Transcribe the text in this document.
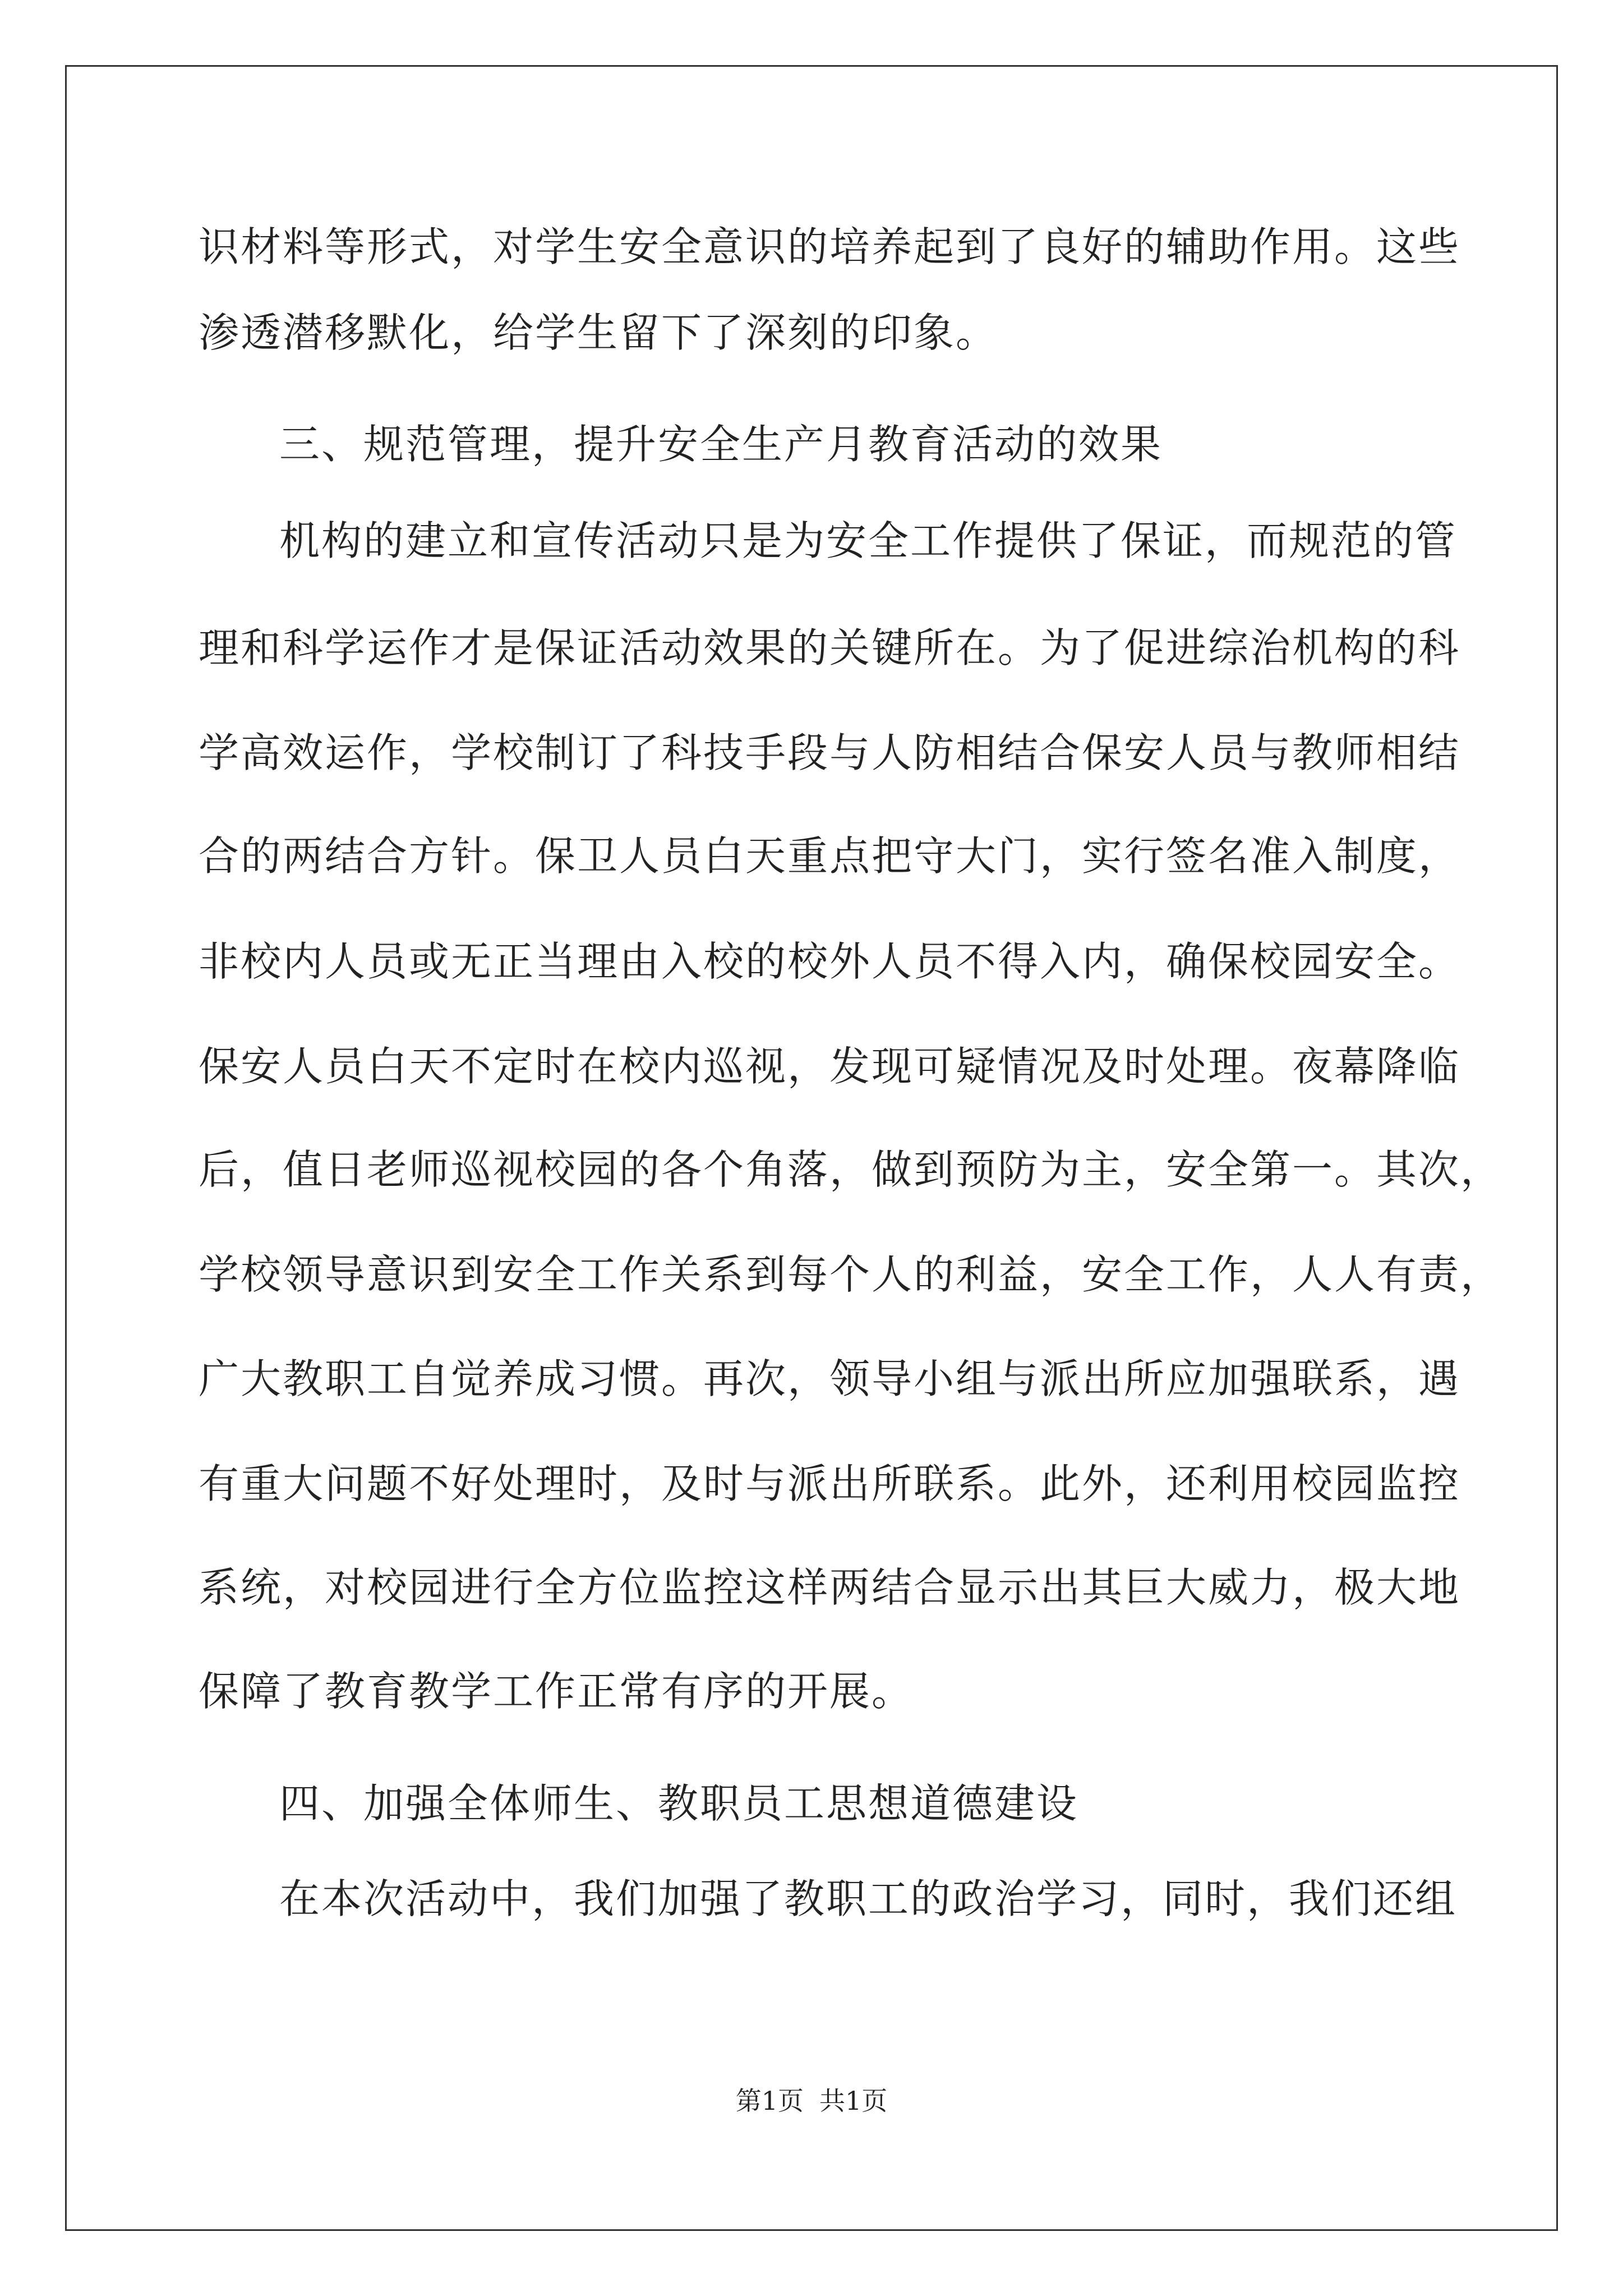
识材料等形式，对学生安全意识的培养起到了良好的辅助作用。这些
渗透潜移默化，给学生留下了深刻的印象。
三、规范管理，提升安全生产月教育活动的效果
机构的建立和宣传活动只是为安全工作提供了保证，而规范的管
理和科学运作才是保证活动效果的关键所在。为了促进综治机构的科
学高效运作，学校制订了科技手段与人防相结合保安人员与教师相结
合的两结合方针。保卫人员白天重点把守大门，实行签名准入制度，
非校内人员或无正当理由入校的校外人员不得入内，确保校园安全。
保安人员白天不定时在校内巡视，发现可疑情况及时处理。夜幕降临
后，值日老师巡视校园的各个角落，做到预防为主，安全第一。其次，
学校领导意识到安全工作关系到每个人的利益，安全工作，人人有责，
广大教职工自觉养成习惯。再次，领导小组与派出所应加强联系，遇
有重大问题不好处理时，及时与派出所联系。此外，还利用校园监控
系统，对校园进行全方位监控这样两结合显示出其巨大威力，极大地
保障了教育教学工作正常有序的开展。
四、加强全体师生、教职员工思想道德建设
在本次活动中，我们加强了教职工的政治学习，同时，我们还组
第1页 共1页
